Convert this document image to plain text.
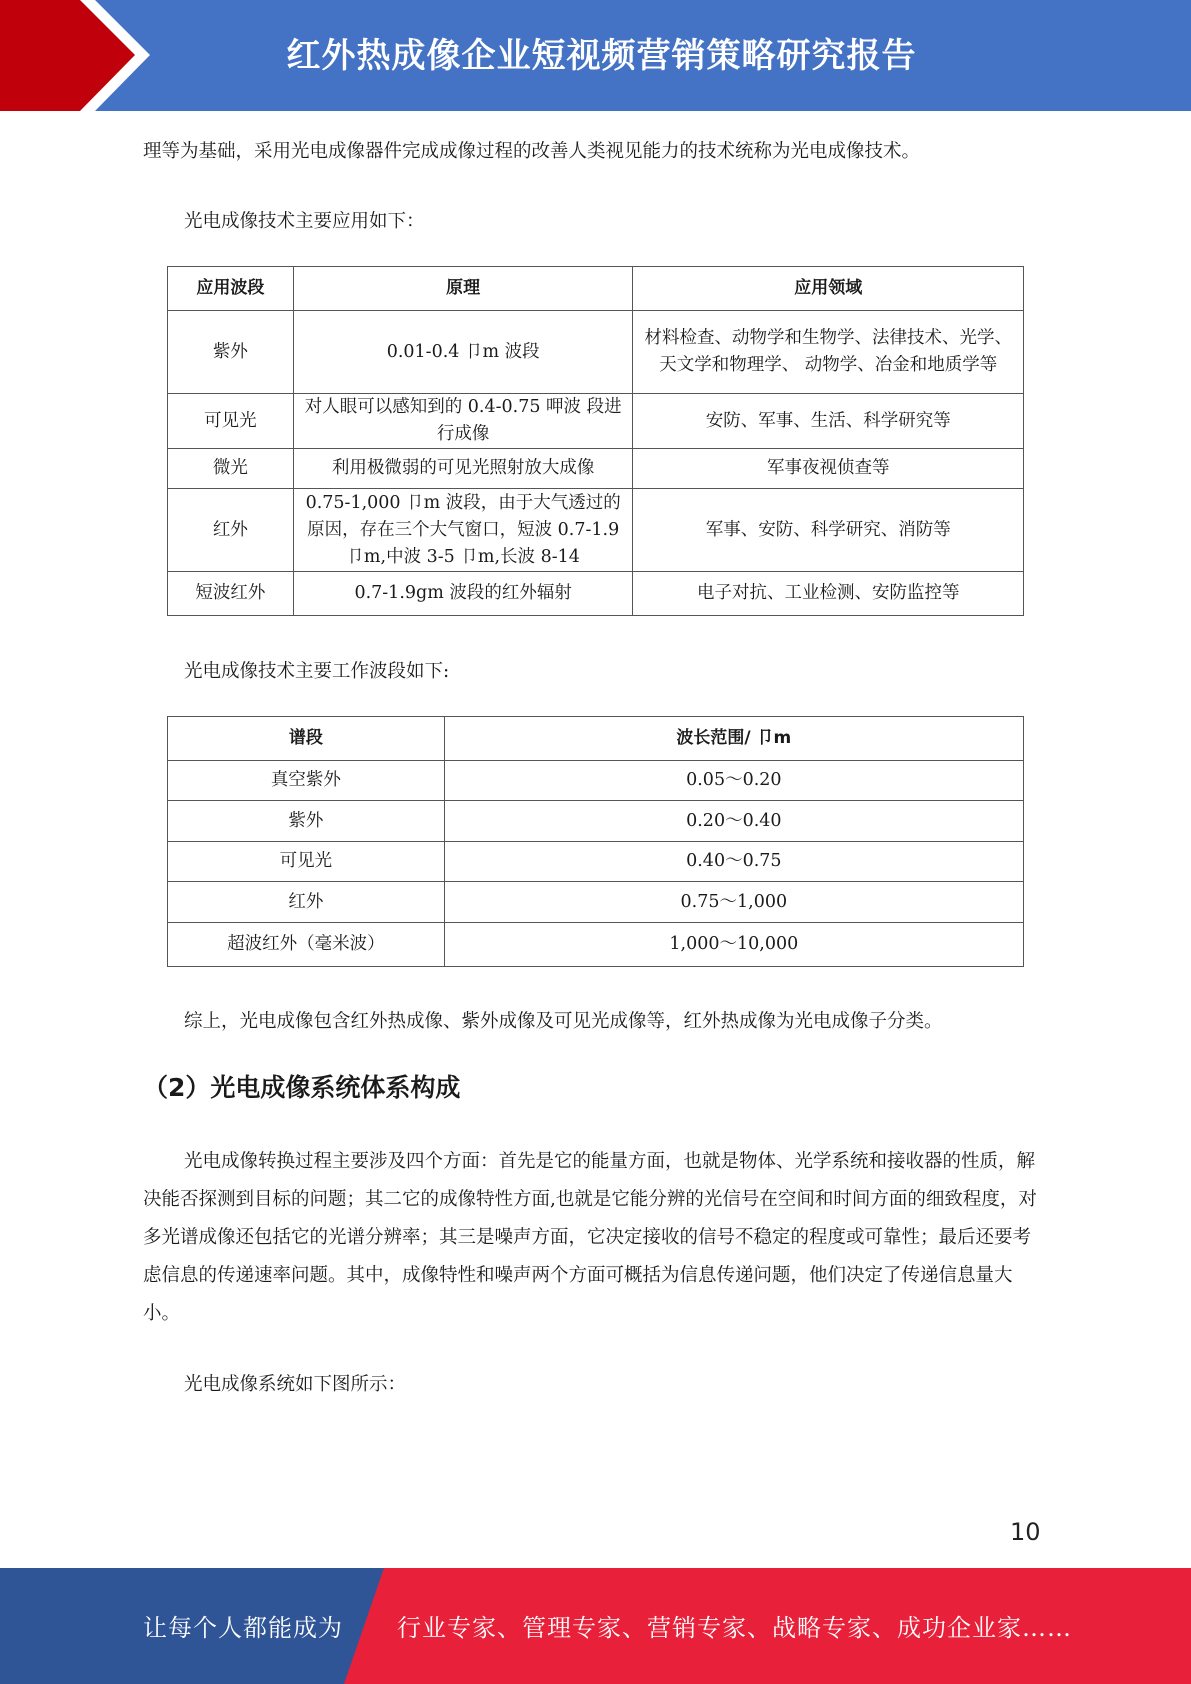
红外热成像企业短视频营销策略研究报告

理等为基础，采用光电成像器件完成成像过程的改善人类视见能力的技术统称为光电成像技术。

光电成像技术主要应用如下：

应用波段	原理	应用领域
紫外	0.01-0.4 卩m 波段	材料检查、动物学和生物学、法律技术、光学、天文学和物理学、 动物学、冶金和地质学等
可见光	对人眼可以感知到的 0.4-0.75 呷波 段进行成像	安防、军事、生活、科学研究等
微光	利用极微弱的可见光照射放大成像	军事夜视侦查等
红外	0.75-1,000 卩m 波段，由于大气透过的原因，存在三个大气窗口，短波 0.7-1.9 卩m,中波 3-5 卩m,长波 8-14	军事、安防、科学研究、消防等
短波红外	0.7-1.9gm 波段的红外辐射	电子对抗、工业检测、安防监控等

光电成像技术主要工作波段如下:

谱段	波长范围/ 卩m
真空紫外	0.05～0.20
紫外	0.20～0.40
可见光	0.40～0.75
红外	0.75～1,000
超波红外（毫米波）	1,000～10,000

综上，光电成像包含红外热成像、紫外成像及可见光成像等，红外热成像为光电成像子分类。

（2）光电成像系统体系构成

光电成像转换过程主要涉及四个方面：首先是它的能量方面，也就是物体、光学系统和接收器的性质，解决能否探测到目标的问题；其二它的成像特性方面,也就是它能分辨的光信号在空间和时间方面的细致程度，对多光谱成像还包括它的光谱分辨率；其三是噪声方面，它决定接收的信号不稳定的程度或可靠性；最后还要考虑信息的传递速率问题。其中，成像特性和噪声两个方面可概括为信息传递问题，他们决定了传递信息量大小。

光电成像系统如下图所示：

10
让每个人都能成为 行业专家、管理专家、营销专家、战略专家、成功企业家……
